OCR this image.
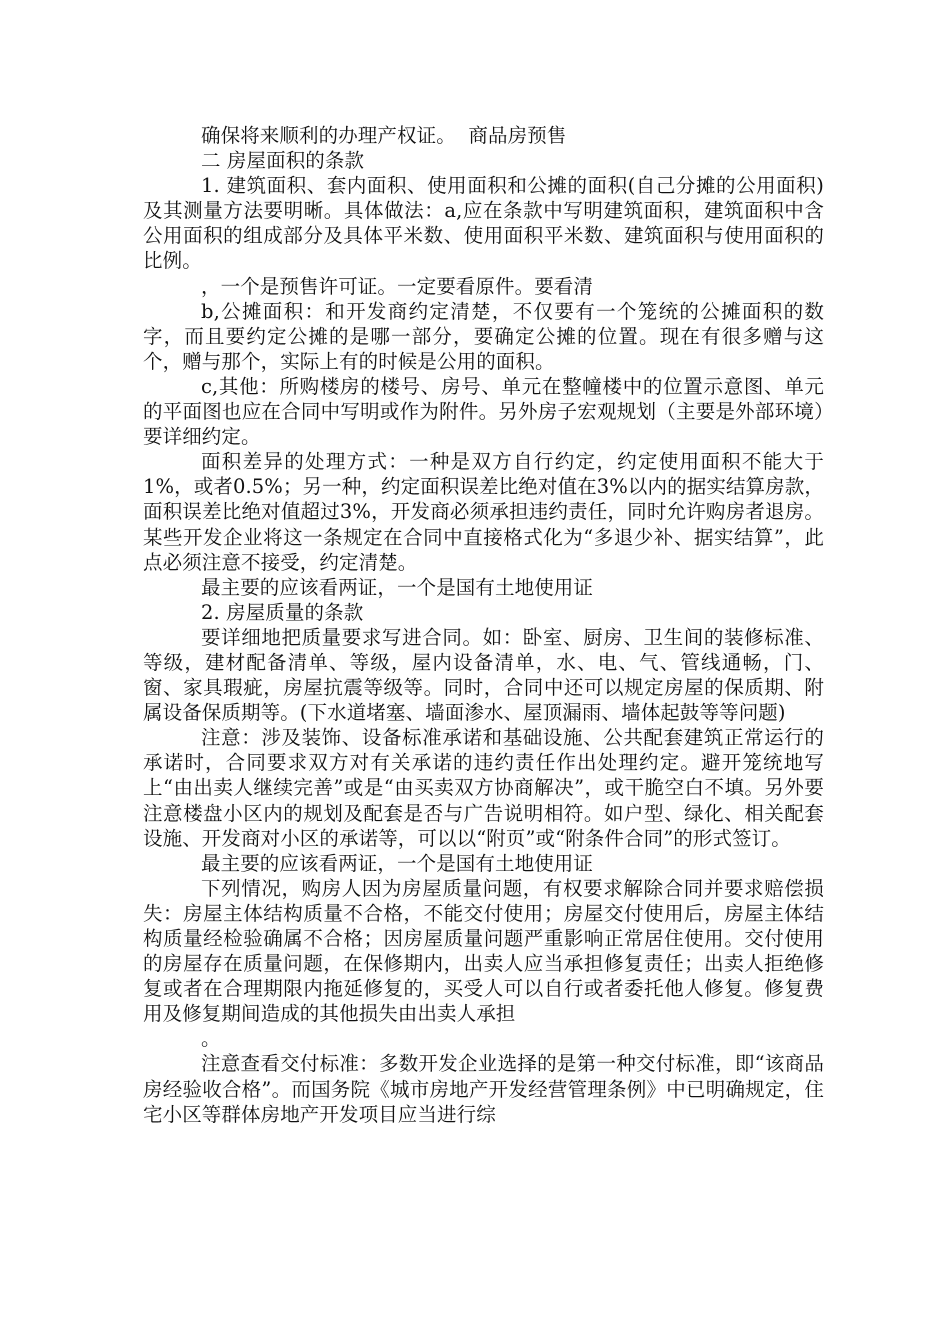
确保将来顺利的办理产权证。  商品房预售

二 房屋面积的条款

1. 建筑面积、套内面积、使用面积和公摊的面积(自己分摊的公用面积)及其测量方法要明晰。具体做法：a,应在条款中写明建筑面积，建筑面积中含公用面积的组成部分及具体平米数、使用面积平米数、建筑面积与使用面积的比例。

，一个是预售许可证。一定要看原件。要看清

b,公摊面积：和开发商约定清楚，不仅要有一个笼统的公摊面积的数字，而且要约定公摊的是哪一部分，要确定公摊的位置。现在有很多赠与这个，赠与那个，实际上有的时候是公用的面积。

c,其他：所购楼房的楼号、房号、单元在整幢楼中的位置示意图、单元的平面图也应在合同中写明或作为附件。另外房子宏观规划（主要是外部环境）要详细约定。

面积差异的处理方式：一种是双方自行约定，约定使用面积不能大于1%，或者0.5%；另一种，约定面积误差比绝对值在3%以内的据实结算房款，面积误差比绝对值超过3%，开发商必须承担违约责任，同时允许购房者退房。某些开发企业将这一条规定在合同中直接格式化为“多退少补、据实结算”，此点必须注意不接受，约定清楚。

最主要的应该看两证，一个是国有土地使用证

2. 房屋质量的条款

要详细地把质量要求写进合同。如：卧室、厨房、卫生间的装修标准、等级，建材配备清单、等级，屋内设备清单，水、电、气、管线通畅，门、窗、家具瑕疵，房屋抗震等级等。同时，合同中还可以规定房屋的保质期、附属设备保质期等。(下水道堵塞、墙面渗水、屋顶漏雨、墙体起鼓等等问题)

注意：涉及装饰、设备标准承诺和基础设施、公共配套建筑正常运行的承诺时，合同要求双方对有关承诺的违约责任作出处理约定。避开笼统地写上“由出卖人继续完善”或是“由买卖双方协商解决”，或干脆空白不填。另外要注意楼盘小区内的规划及配套是否与广告说明相符。如户型、绿化、相关配套设施、开发商对小区的承诺等，可以以“附页”或“附条件合同”的形式签订。

最主要的应该看两证，一个是国有土地使用证

下列情况，购房人因为房屋质量问题，有权要求解除合同并要求赔偿损失：房屋主体结构质量不合格，不能交付使用；房屋交付使用后，房屋主体结构质量经检验确属不合格；因房屋质量问题严重影响正常居住使用。交付使用的房屋存在质量问题，在保修期内，出卖人应当承担修复责任；出卖人拒绝修复或者在合理期限内拖延修复的，买受人可以自行或者委托他人修复。修复费用及修复期间造成的其他损失由出卖人承担

。

注意查看交付标准：多数开发企业选择的是第一种交付标准，即“该商品房经验收合格”。而国务院《城市房地产开发经营管理条例》中已明确规定，住宅小区等群体房地产开发项目应当进行综
